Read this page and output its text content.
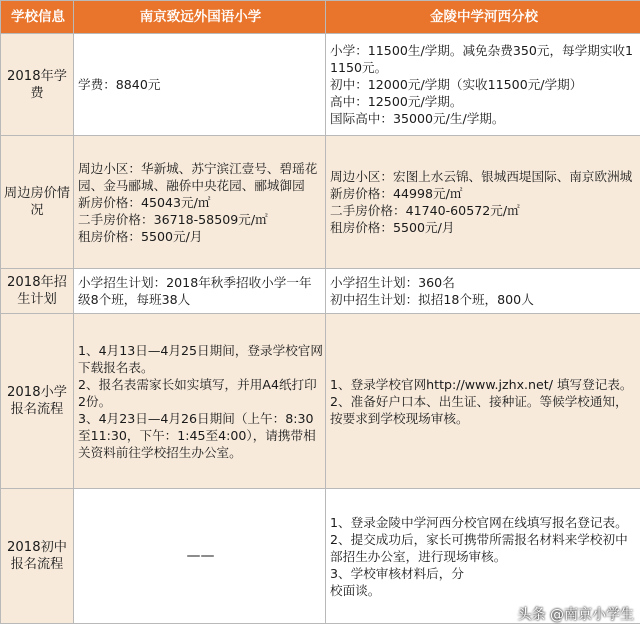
学校信息	南京致远外国语小学	金陵中学河西分校
2018年学费	学费：8840元	小学：11500生/学期。减免杂费350元，每学期实收11150元。
初中：12000元/学期（实收11500元/学期）
高中：12500元/学期。
国际高中：35000元/生/学期。

周边房价情况	周边小区：华新城、苏宁滨江壹号、碧瑶花园、金马郦城、融侨中央花园、郦城御园
新房价格：45043元/㎡
二手房价格：36718-58509元/㎡
租房价格：5500元/月	周边小区：宏图上水云锦、银城西堤国际、南京欧洲城
新房价格：44998元/㎡
二手房价格：41740-60572元/㎡
租房价格：5500元/月

2018年招生计划	小学招生计划：2018年秋季招收小学一年级8个班，每班38人	小学招生计划：360名
初中招生计划：拟招18个班，800人

2018小学报名流程	1、4月13日—4月25日期间，登录学校官网下载报名表。
2、报名表需家长如实填写，并用A4纸打印2份。
3、4月23日—4月26日期间（上午：8:30至11:30，下午：1:45至4:00），请携带相关资料前往学校招生办公室。	1、登录学校官网http://www.jzhx.net/ 填写登记表。
2、准备好户口本、出生证、接种证。等候学校通知，按要求到学校现场审核。

2018初中报名流程	——	1、登录金陵中学河西分校官网在线填写报名登记表。
2、提交成功后，家长可携带所需报名材料来学校初中部招生办公室，进行现场审核。
3、学校审核材料后，分
校面谈。
头条 @南京小学生
